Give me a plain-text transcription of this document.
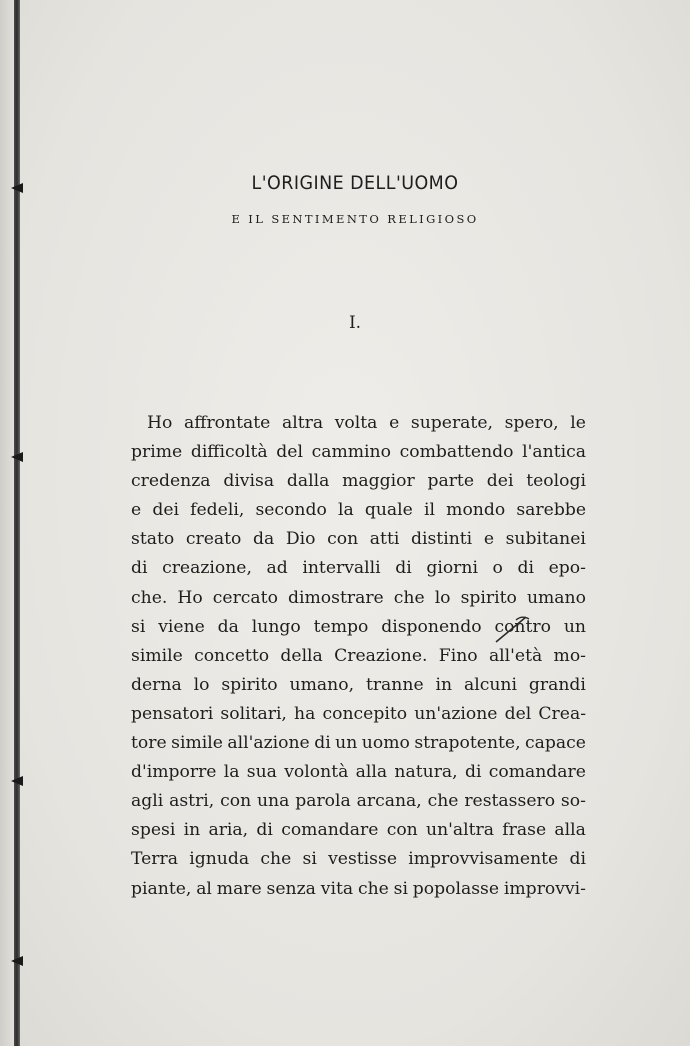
L'ORIGINE DELL'UOMO
E IL SENTIMENTO RELIGIOSO
I.
Ho affrontate altra volta e superate, spero, le
prime difficoltà del cammino combattendo l'antica
credenza divisa dalla maggior parte dei teologi
e dei fedeli, secondo la quale il mondo sarebbe
stato creato da Dio con atti distinti e subitanei
di creazione, ad intervalli di giorni o di epo-
che. Ho cercato dimostrare che lo spirito umano
si viene da lungo tempo disponendo contro un
simile concetto della Creazione. Fino all'età mo-
derna lo spirito umano, tranne in alcuni grandi
pensatori solitari, ha concepito un'azione del Crea-
tore simile all'azione di un uomo strapotente, capace
d'imporre la sua volontà alla natura, di comandare
agli astri, con una parola arcana, che restassero so-
spesi in aria, di comandare con un'altra frase alla
Terra ignuda che si vestisse improvvisamente di
piante, al mare senza vita che si popolasse improvvi-
